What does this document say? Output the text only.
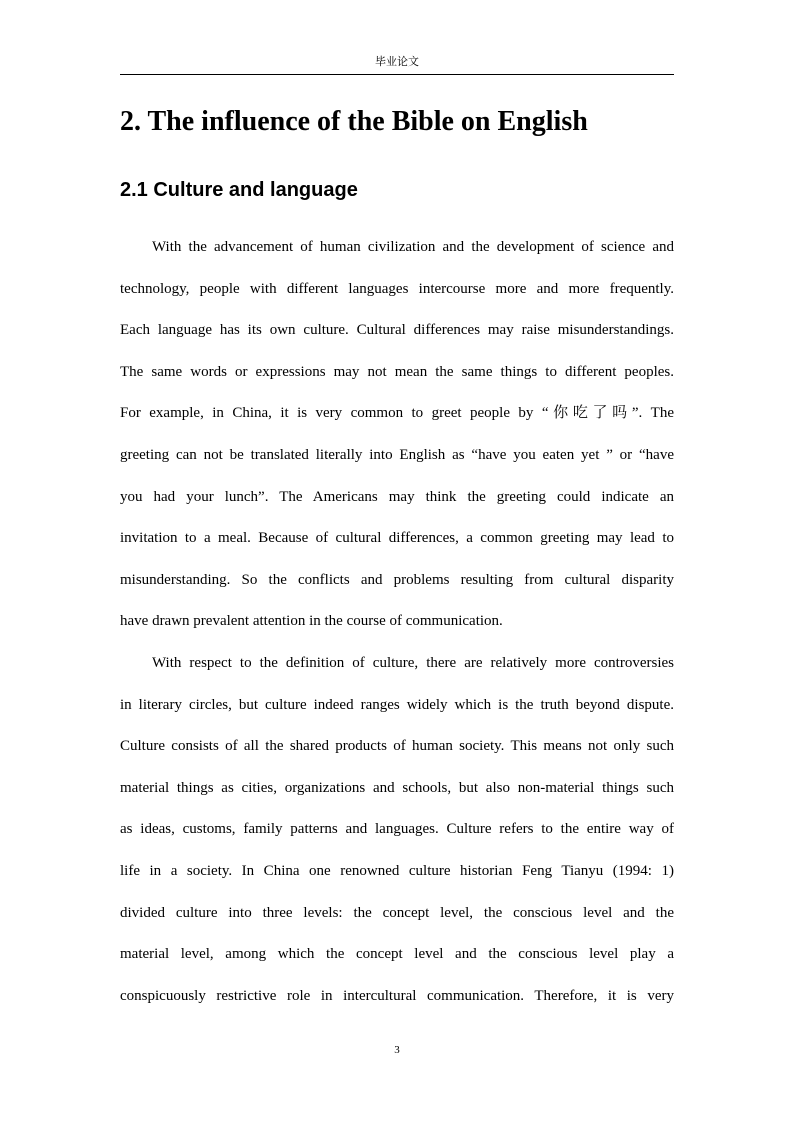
毕业论文
2. The influence of the Bible on English
2.1 Culture and language
With the advancement of human civilization and the development of science and
technology, people with different languages intercourse more and more frequently.
Each language has its own culture. Cultural differences may raise misunderstandings.
The same words or expressions may not mean the same things to different peoples.
For example, in China, it is very common to greet people by “你吃了吗”. The
greeting can not be translated literally into English as “have you eaten yet ” or “have
you had your lunch”. The Americans may think the greeting could indicate an
invitation to a meal. Because of cultural differences, a common greeting may lead to
misunderstanding. So the conflicts and problems resulting from cultural disparity
have drawn prevalent attention in the course of communication.
With respect to the definition of culture, there are relatively more controversies
in literary circles, but culture indeed ranges widely which is the truth beyond dispute.
Culture consists of all the shared products of human society. This means not only such
material things as cities, organizations and schools, but also non-material things such
as ideas, customs, family patterns and languages. Culture refers to the entire way of
life in a society. In China one renowned culture historian Feng Tianyu (1994: 1)
divided culture into three levels: the concept level, the conscious level and the
material level, among which the concept level and the conscious level play a
conspicuously restrictive role in intercultural communication. Therefore, it is very
3
